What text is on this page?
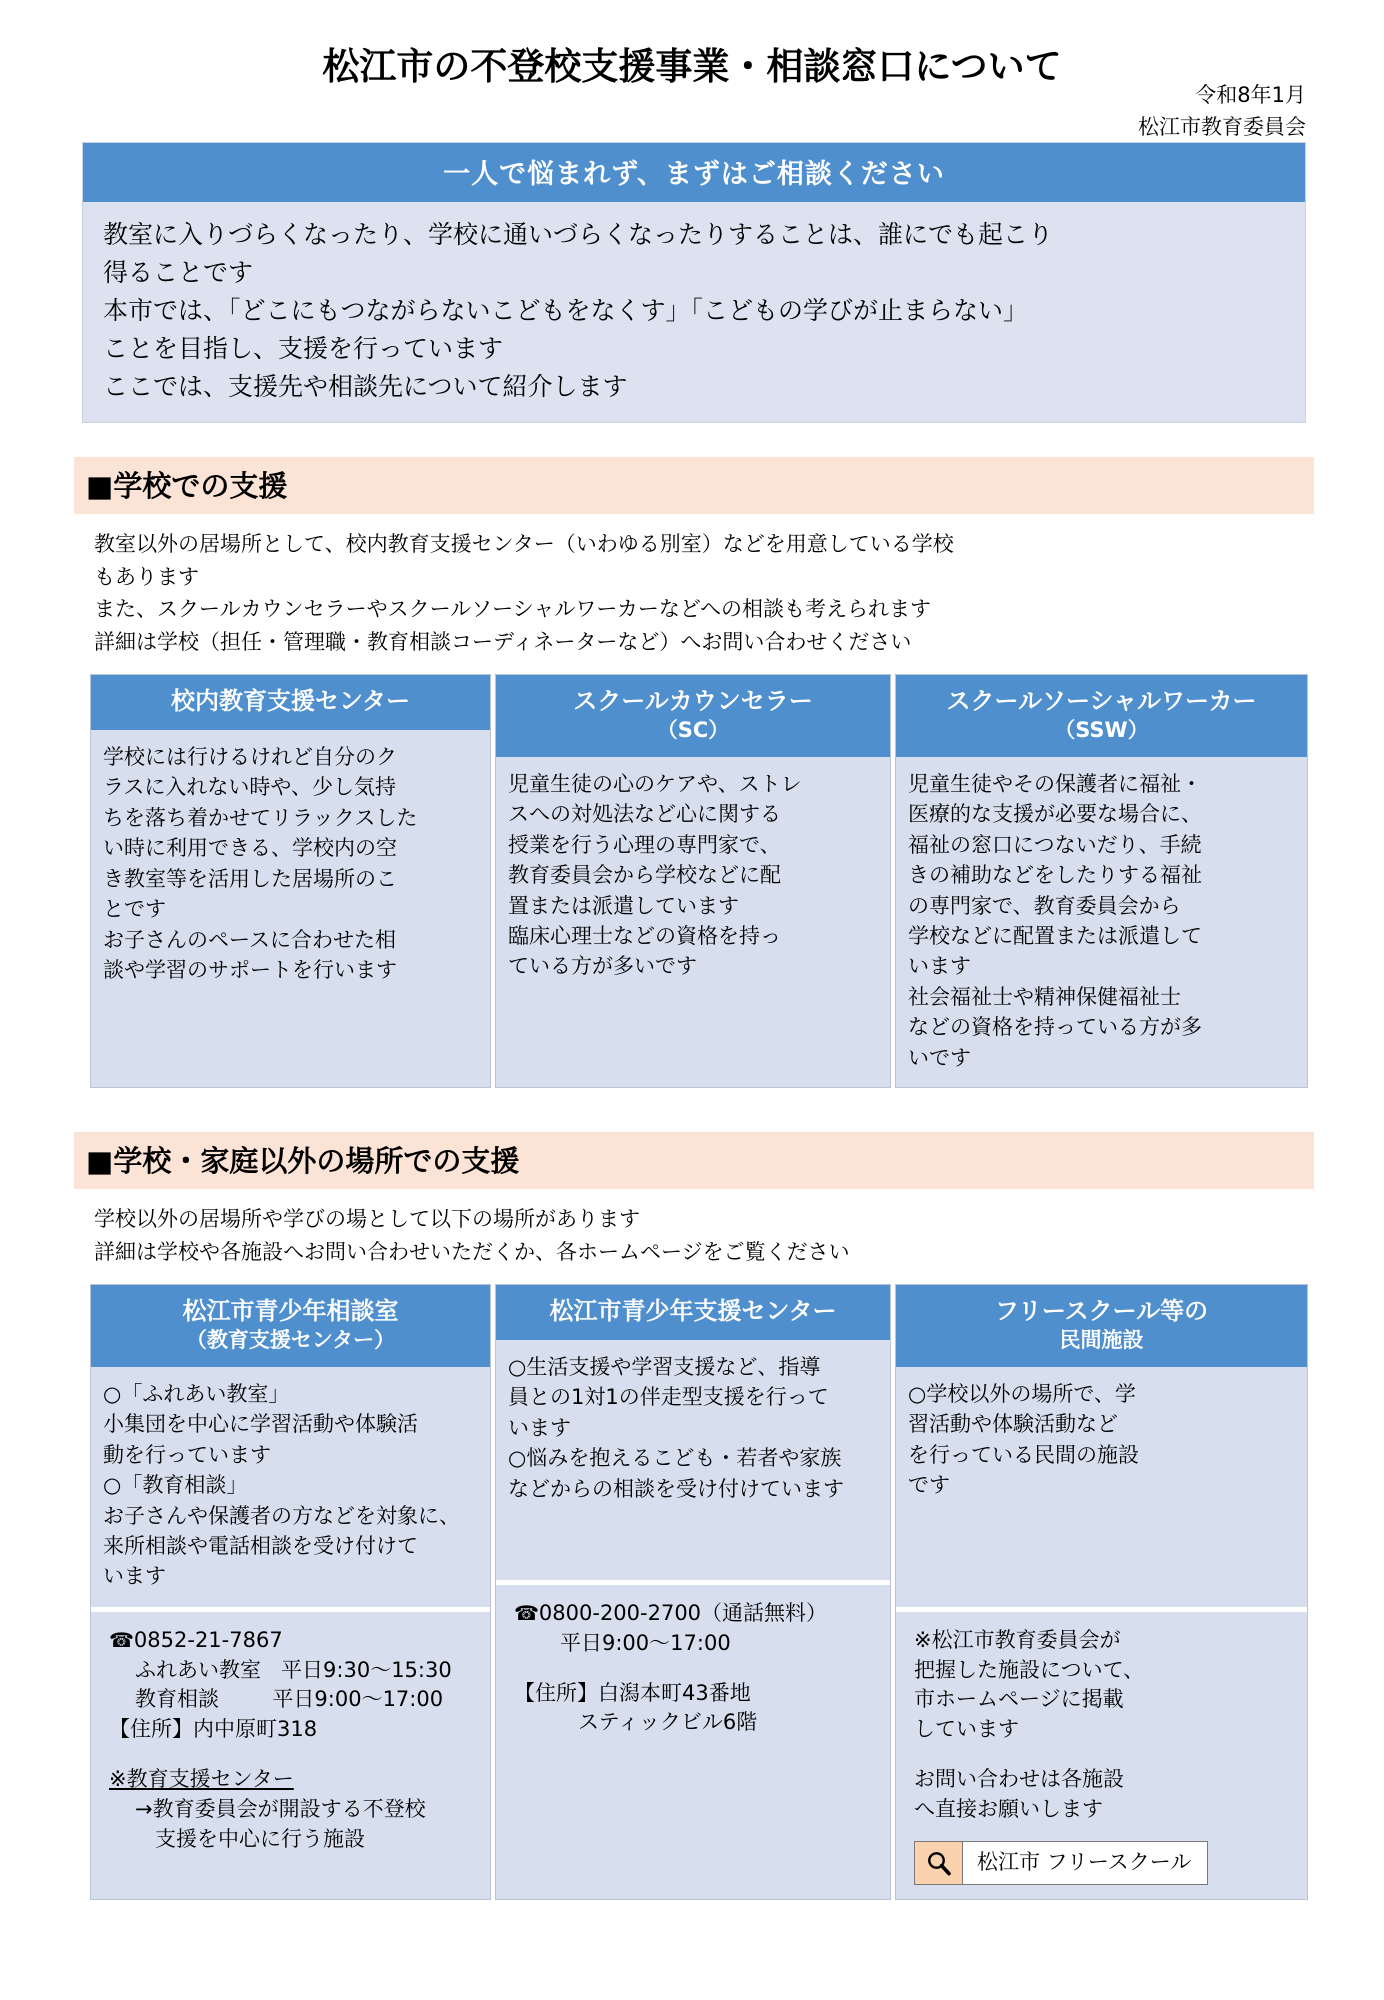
松江市の不登校支援事業・相談窓口について
令和8年1月
松江市教育委員会
一人で悩まれず、まずはご相談ください

教室に入りづらくなったり、学校に通いづらくなったりすることは、誰にでも起こり

得ることです

本市では、「どこにもつながらないこどもをなくす」「こどもの学びが止まらない」

ことを目指し、支援を行っています

ここでは、支援先や相談先について紹介します

■学校での支援

教室以外の居場所として、校内教育支援センター（いわゆる別室）などを用意している学校

もあります

また、スクールカウンセラーやスクールソーシャルワーカーなどへの相談も考えられます

詳細は学校（担任・管理職・教育相談コーディネーターなど）へお問い合わせください

校内教育支援センター

学校には行けるけれど自分のク

ラスに入れない時や、少し気持

ちを落ち着かせてリラックスした

い時に利用できる、学校内の空

き教室等を活用した居場所のこ

とです

お子さんのペースに合わせた相

談や学習のサポートを行います

スクールカウンセラー
（SC）

児童生徒の心のケアや、ストレ

スへの対処法など心に関する

授業を行う心理の専門家で、

教育委員会から学校などに配

置または派遣しています

臨床心理士などの資格を持っ

ている方が多いです

スクールソーシャルワーカー
（SSW）

児童生徒やその保護者に福祉・

医療的な支援が必要な場合に、

福祉の窓口につないだり、手続

きの補助などをしたりする福祉

の専門家で、教育委員会から

学校などに配置または派遣して

います

社会福祉士や精神保健福祉士

などの資格を持っている方が多

いです

■学校・家庭以外の場所での支援

学校以外の居場所や学びの場として以下の場所があります

詳細は学校や各施設へお問い合わせいただくか、各ホームページをご覧ください

松江市青少年相談室
（教育支援センター）

○「ふれあい教室」

小集団を中心に学習活動や体験活

動を行っています

○「教育相談」

お子さんや保護者の方などを対象に、

来所相談や電話相談を受け付けて

います

☎0852-21-7867

ふれあい教室 平日9:30〜15:30

教育相談	平日9:00〜17:00

【住所】内中原町318

※教育支援センター

→教育委員会が開設する不登校

支援を中心に行う施設

松江市青少年支援センター

○生活支援や学習支援など、指導

員との1対1の伴走型支援を行って

います

○悩みを抱えるこども・若者や家族

などからの相談を受け付けています

☎0800-200-2700（通話無料）

平日9:00〜17:00

【住所】白潟本町43番地

スティックビル6階

フリースクール等の
民間施設

○学校以外の場所で、学

習活動や体験活動など

を行っている民間の施設

です

※松江市教育委員会が

把握した施設について、

市ホームページに掲載

しています

お問い合わせは各施設

へ直接お願いします

松江市 フリースクール
